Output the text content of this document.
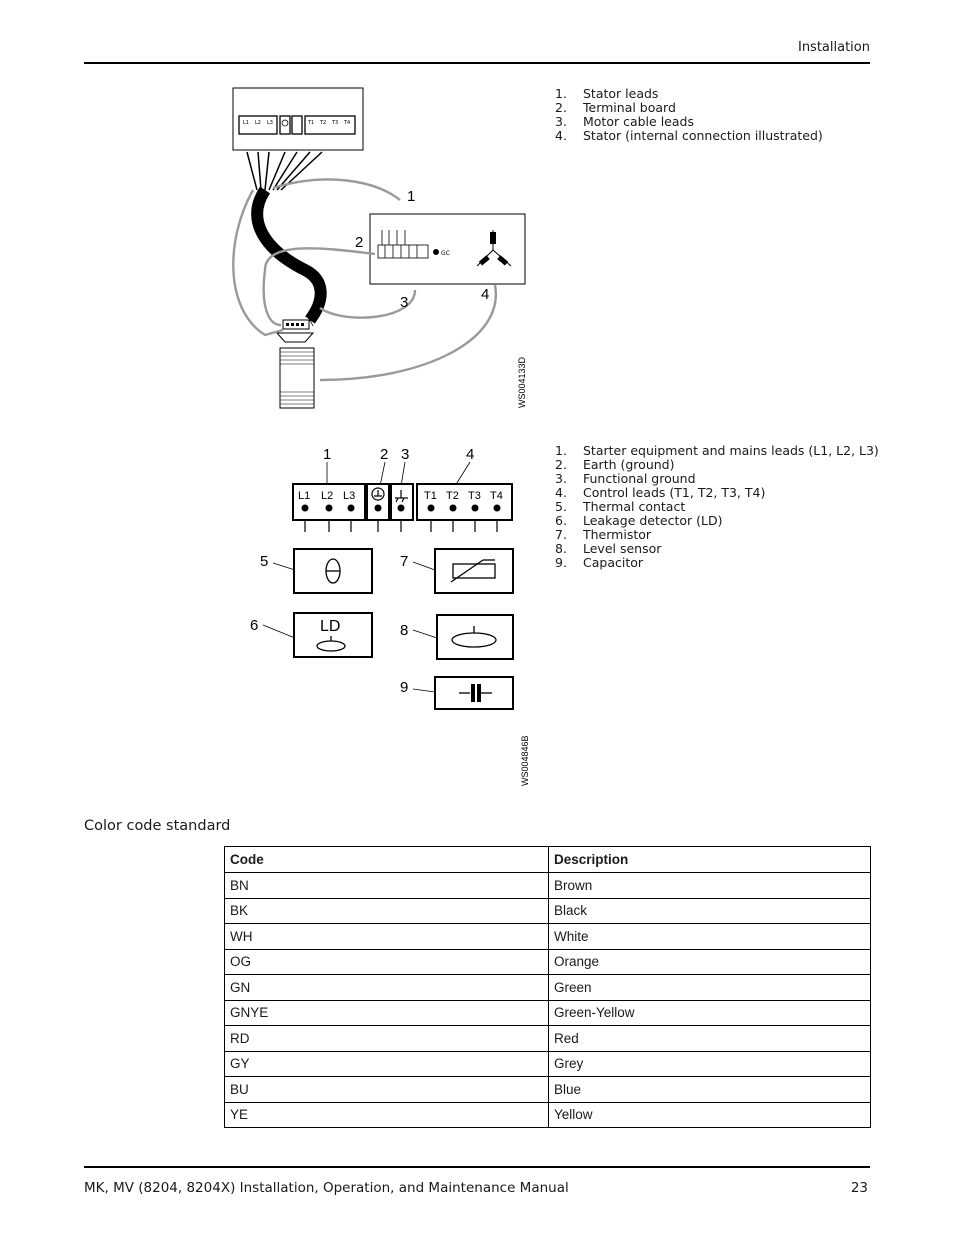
Installation
L1 L2 L3	T1 T2 T3 T4
GC
1
2
3	4
WS004133D
1.	Stator leads
2.	Terminal board
3.	Motor cable leads
4.	Stator (internal connection illustrated)
1	2 3	4
5
6
7
8
9
L1 L2 L3	T1 T2 T3 T4
LD
WS004846B
1.	Starter equipment and mains leads (L1, L2, L3)
2.	Earth (ground)
3.	Functional ground
4.	Control leads (T1, T2, T3, T4)
5.	Thermal contact
6.	Leakage detector (LD)
7.	Thermistor
8.	Level sensor
9.	Capacitor
Color code standard
Code	Description
BN	Brown
BK	Black
WH	White
OG	Orange
GN	Green
GNYE	Green-Yellow
RD	Red
GY	Grey
BU	Blue
YE	Yellow
MK, MV (8204, 8204X) Installation, Operation, and Maintenance Manual	23
